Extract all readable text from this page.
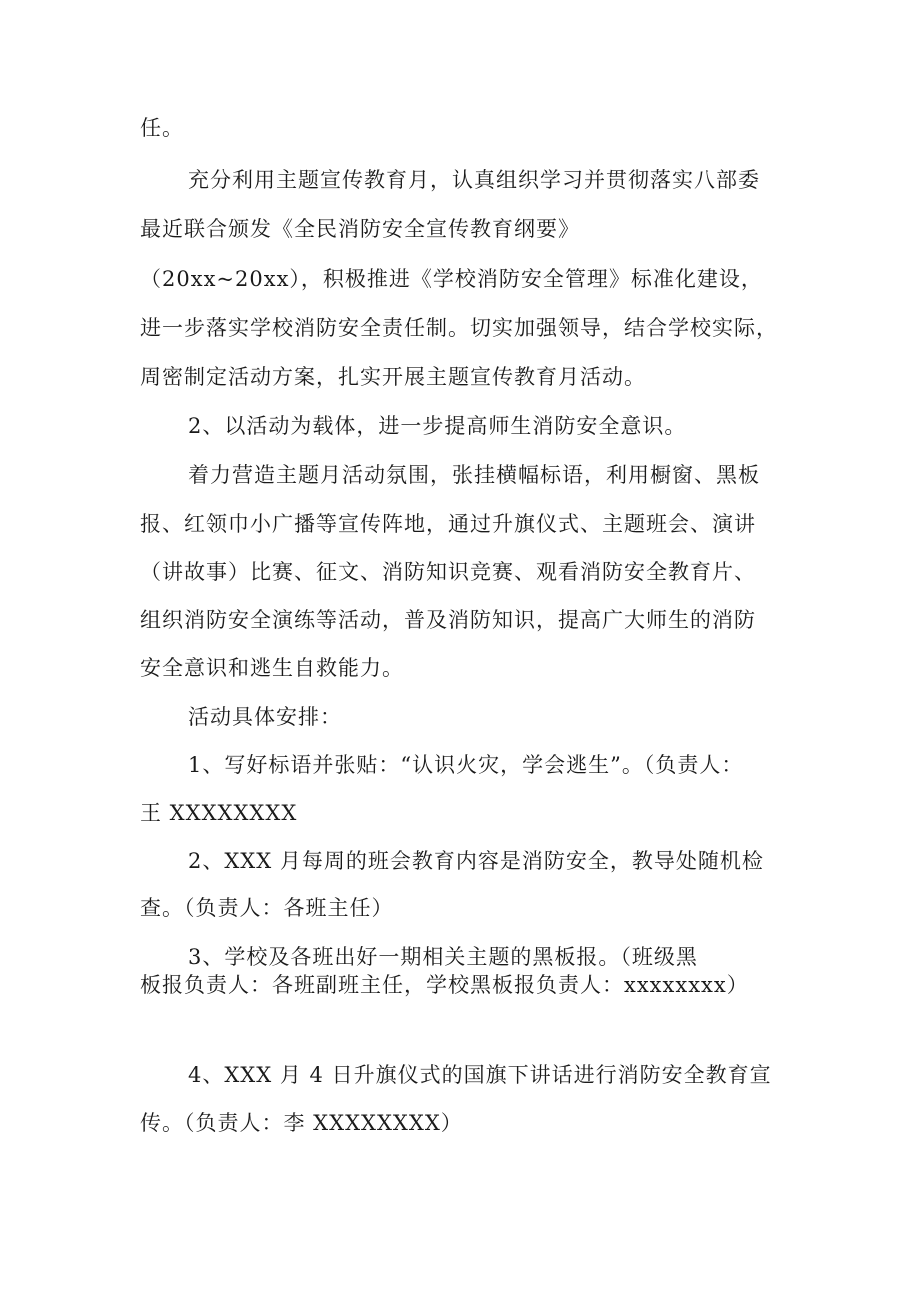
任。
充分利用主题宣传教育月，认真组织学习并贯彻落实八部委
最近联合颁发《全民消防安全宣传教育纲要》
（20xx~20xx），积极推进《学校消防安全管理》标准化建设，
进一步落实学校消防安全责任制。切实加强领导，结合学校实际，
周密制定活动方案，扎实开展主题宣传教育月活动。
2、以活动为载体，进一步提高师生消防安全意识。
着力营造主题月活动氛围，张挂横幅标语，利用橱窗、黑板
报、红领巾小广播等宣传阵地，通过升旗仪式、主题班会、演讲
（讲故事）比赛、征文、消防知识竞赛、观看消防安全教育片、
组织消防安全演练等活动，普及消防知识，提高广大师生的消防
安全意识和逃生自救能力。
活动具体安排：
1、写好标语并张贴：“认识火灾，学会逃生”。（负责人：
王 XXXXXXXX
2、XXX 月每周的班会教育内容是消防安全，教导处随机检
查。（负责人：各班主任）
3、学校及各班出好一期相关主题的黑板报。（班级黑
板报负责人：各班副班主任，学校黑板报负责人：xxxxxxxx）
4、XXX 月 4 日升旗仪式的国旗下讲话进行消防安全教育宣
传。（负责人：李 XXXXXXXX）
